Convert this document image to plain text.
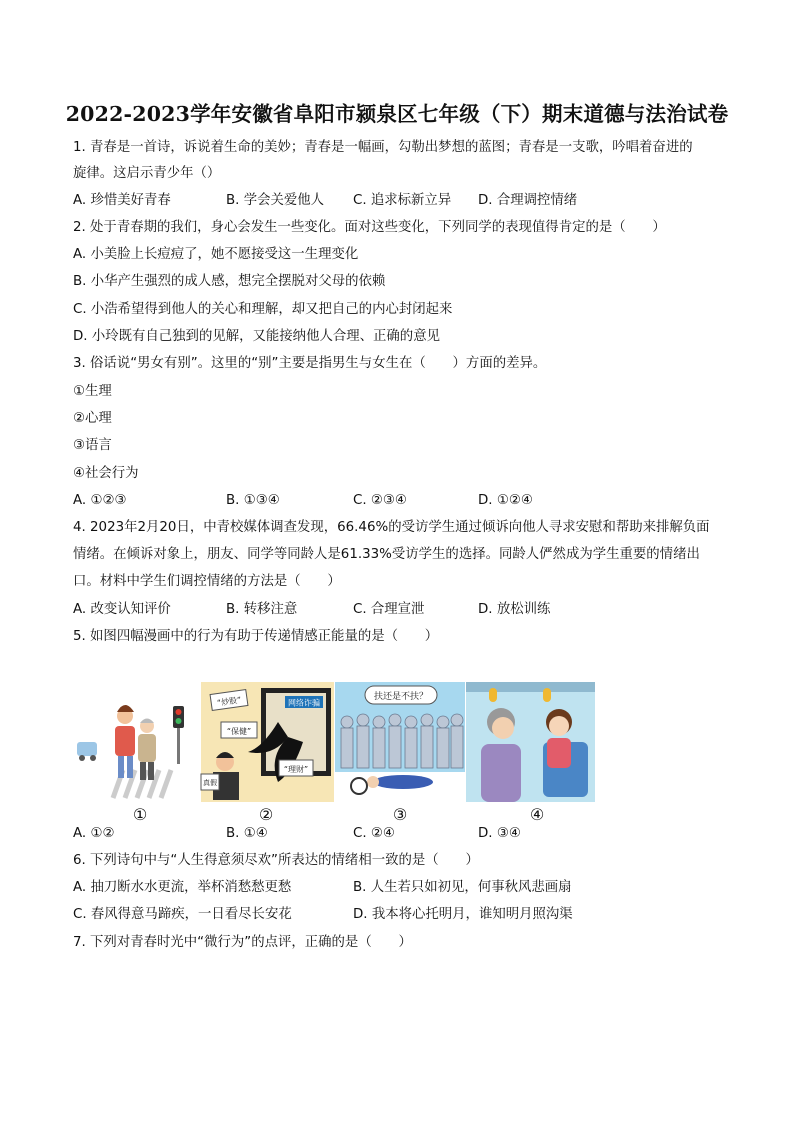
2022-2023学年安徽省阜阳市颍泉区七年级（下）期末道德与法治试卷
1. 青春是一首诗，诉说着生命的美妙；青春是一幅画，勾勒出梦想的蓝图；青春是一支歌，吟唱着奋进的
旋律。这启示青少年（）
A. 珍惜美好青春	B. 学会关爱他人 C. 追求标新立异 D. 合理调控情绪
2. 处于青春期的我们，身心会发生一些变化。面对这些变化，下列同学的表现值得肯定的是（　　）
A. 小美脸上长痘痘了，她不愿接受这一生理变化
B. 小华产生强烈的成人感，想完全摆脱对父母的依赖
C. 小浩希望得到他人的关心和理解，却又把自己的内心封闭起来
D. 小玲既有自己独到的见解，又能接纳他人合理、正确的意见
3. 俗话说“男女有别”。这里的“别”主要是指男生与女生在（　　）方面的差异。
①生理
②心理
③语言
④社会行为
A. ①②③	B. ①③④	C. ②③④	D. ①②④
4. 2023年2月20日，中青校媒体调查发现，66.46%的受访学生通过倾诉向他人寻求安慰和帮助来排解负面
情绪。在倾诉对象上，朋友、同学等同龄人是61.33%受访学生的选择。同龄人俨然成为学生重要的情绪出
口。材料中学生们调控情绪的方法是（　　）
A. 改变认知评价	B. 转移注意	C. 合理宣泄	D. 放松训练
5. 如图四幅漫画中的行为有助于传递情感正能量的是（　　）
网络诈骗
“炒股”
“保健”
“理财”
真假
扶还是不扶？
①	②	③	④
A. ①②	B. ①④	C. ②④	D. ③④
6. 下列诗句中与“人生得意须尽欢”所表达的情绪相一致的是（　　）
A. 抽刀断水水更流，举杯消愁愁更愁	B. 人生若只如初见，何事秋风悲画扇
C. 春风得意马蹄疾，一日看尽长安花	D. 我本将心托明月，谁知明月照沟渠
7. 下列对青春时光中“微行为”的点评，正确的是（　　）
